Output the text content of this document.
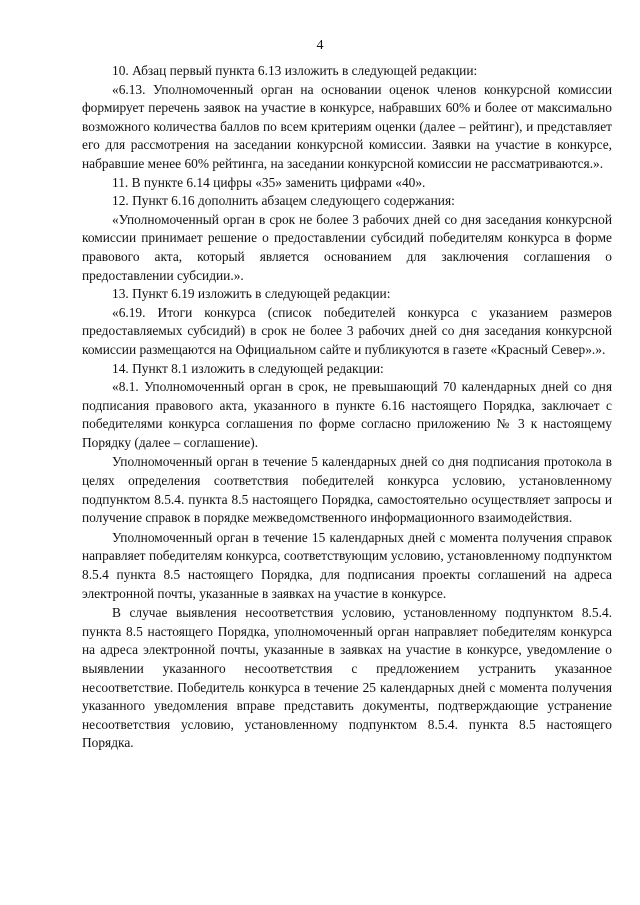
4

10. Абзац первый пункта 6.13 изложить в следующей редакции:

«6.13. Уполномоченный орган на основании оценок членов конкурсной комиссии формирует перечень заявок на участие в конкурсе, набравших 60% и более от максимально возможного количества баллов по всем критериям оценки (далее – рейтинг), и представляет его для рассмотрения на заседании конкурсной комиссии. Заявки на участие в конкурсе, набравшие менее 60% рейтинга, на заседании конкурсной комиссии не рассматриваются.».

11. В пункте 6.14 цифры «35» заменить цифрами «40».

12. Пункт 6.16 дополнить абзацем следующего содержания:

«Уполномоченный орган в срок не более 3 рабочих дней со дня заседания конкурсной комиссии принимает решение о предоставлении субсидий победителям конкурса в форме правового акта, который является основанием для заключения соглашения о предоставлении субсидии.».

13. Пункт 6.19 изложить в следующей редакции:

«6.19. Итоги конкурса (список победителей конкурса с указанием размеров предоставляемых субсидий) в срок не более 3 рабочих дней со дня заседания конкурсной комиссии размещаются на Официальном сайте и публикуются в газете «Красный Север».».

14. Пункт 8.1 изложить в следующей редакции:

«8.1. Уполномоченный орган в срок, не превышающий 70 календарных дней со дня подписания правового акта, указанного в пункте 6.16 настоящего Порядка, заключает с победителями конкурса соглашения по форме согласно приложению № 3 к настоящему Порядку (далее – соглашение).

Уполномоченный орган в течение 5 календарных дней со дня подписания протокола в целях определения соответствия победителей конкурса условию, установленному подпунктом 8.5.4. пункта 8.5 настоящего Порядка, самостоятельно осуществляет запросы и получение справок в порядке межведомственного информационного взаимодействия.

Уполномоченный орган в течение 15 календарных дней с момента получения справок направляет победителям конкурса, соответствующим условию, установленному подпунктом 8.5.4 пункта 8.5 настоящего Порядка, для подписания проекты соглашений на адреса электронной почты, указанные в заявках на участие в конкурсе.

В случае выявления несоответствия условию, установленному подпунктом 8.5.4. пункта 8.5 настоящего Порядка, уполномоченный орган направляет победителям конкурса на адреса электронной почты, указанные в заявках на участие в конкурсе, уведомление о выявлении указанного несоответствия с предложением устранить указанное несоответствие. Победитель конкурса в течение 25 календарных дней с момента получения указанного уведомления вправе представить документы, подтверждающие устранение несоответствия условию, установленному подпунктом 8.5.4. пункта 8.5 настоящего Порядка.
